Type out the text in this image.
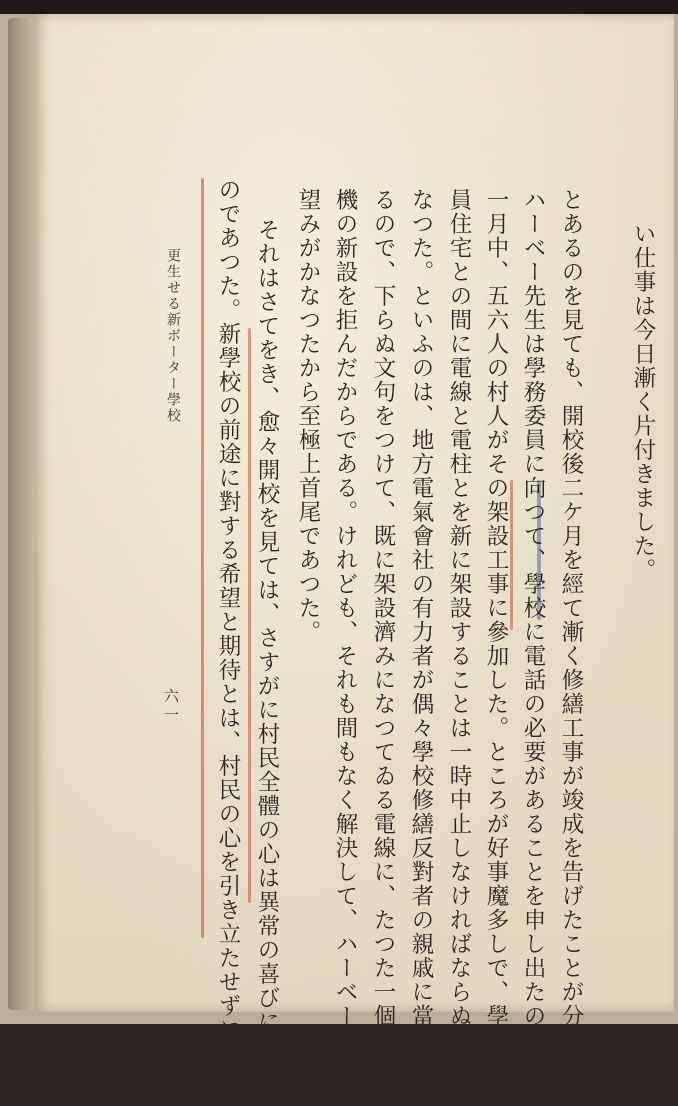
い仕事は今日漸く片付きました。
とあるのを見ても、開校後二ケ月を經て漸く修繕工事が竣成を告げたことが分かる。
ハーベー先生は學務委員に向つて、學校に電話の必要があることを申し出たので、十
一月中、五六人の村人がその架設工事に參加した。ところが好事魔多しで、學校と教
員住宅との間に電線と電柱とを新に架設することは一時中止しなければならぬ破目に
なつた。といふのは、地方電氣會社の有力者が偶々學校修繕反對者の親戚に當つてゐ
るので、下らぬ文句をつけて、既に架設濟みになつてゐる電線に、たつた一個の電話
機の新設を拒んだからである。けれども、それも間もなく解決して、ハーベー先生の
望みがかなつたから至極上首尾であつた。
それはさてをき、愈々開校を見ては、さすがに村民全體の心は異常の喜びに燃え立
のであつた。新學校の前途に對する希望と期待とは、村民の心を引き立たせずには
更生せる新ボーター學校
六一
